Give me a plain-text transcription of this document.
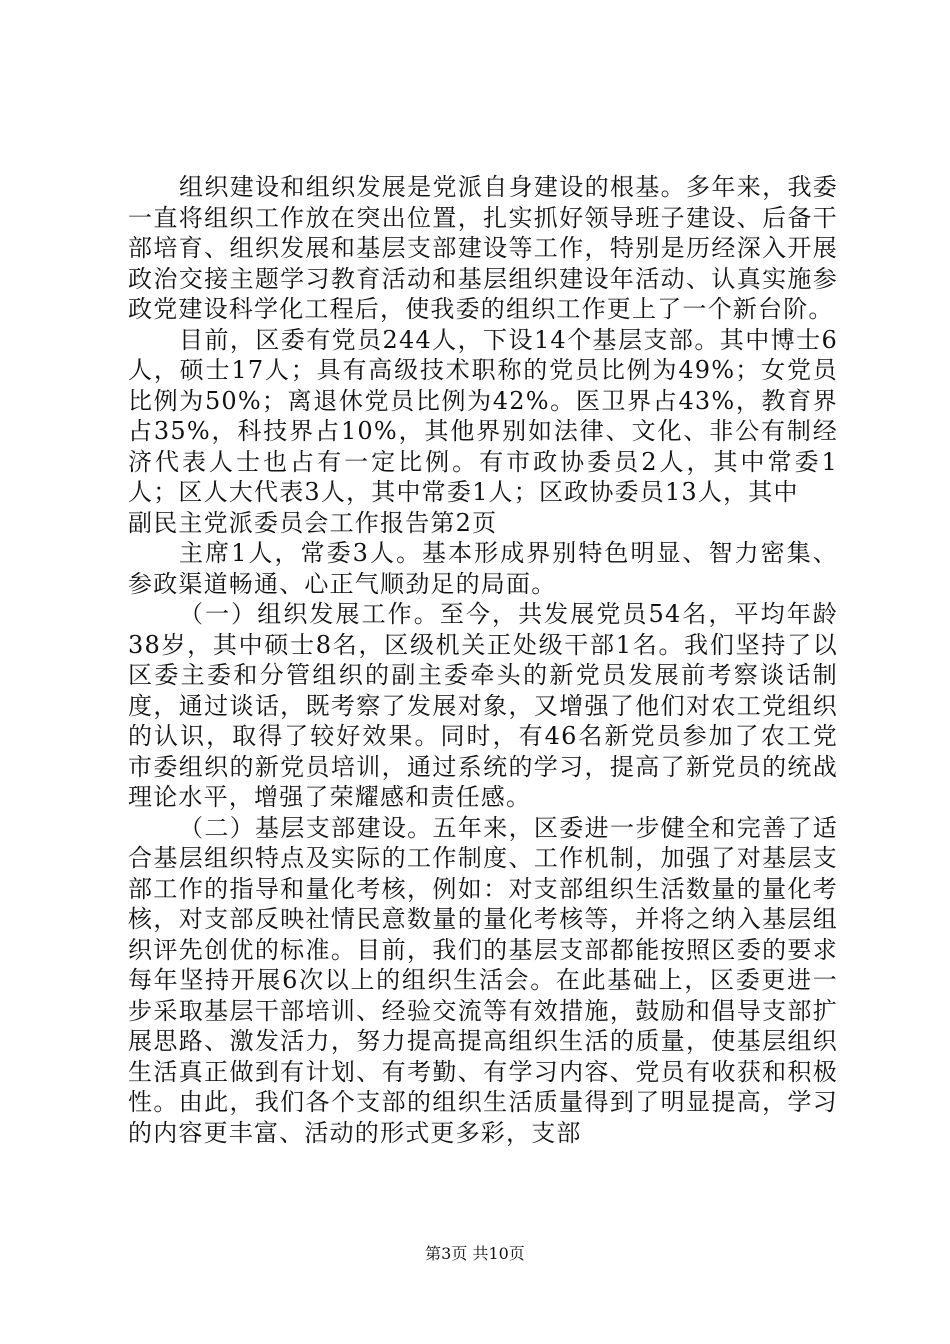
组织建设和组织发展是党派自身建设的根基。多年来，我委一直将组织工作放在突出位置，扎实抓好领导班子建设、后备干部培育、组织发展和基层支部建设等工作，特别是历经深入开展政治交接主题学习教育活动和基层组织建设年活动、认真实施参政党建设科学化工程后，使我委的组织工作更上了一个新台阶。

目前，区委有党员244人，下设14个基层支部。其中博士6人，硕士17人；具有高级技术职称的党员比例为49%；女党员比例为50%；离退休党员比例为42%。医卫界占43%，教育界占35%，科技界占10%，其他界别如法律、文化、非公有制经济代表人士也占有一定比例。有市政协委员2人，其中常委1人；区人大代表3人，其中常委1人；区政协委员13人，其中

副民主党派委员会工作报告第2页

主席1人，常委3人。基本形成界别特色明显、智力密集、参政渠道畅通、心正气顺劲足的局面。

（一）组织发展工作。至今，共发展党员54名，平均年龄38岁，其中硕士8名，区级机关正处级干部1名。我们坚持了以区委主委和分管组织的副主委牵头的新党员发展前考察谈话制度，通过谈话，既考察了发展对象，又增强了他们对农工党组织的认识，取得了较好效果。同时，有46名新党员参加了农工党市委组织的新党员培训，通过系统的学习，提高了新党员的统战理论水平，增强了荣耀感和责任感。

（二）基层支部建设。五年来，区委进一步健全和完善了适合基层组织特点及实际的工作制度、工作机制，加强了对基层支部工作的指导和量化考核，例如：对支部组织生活数量的量化考核，对支部反映社情民意数量的量化考核等，并将之纳入基层组织评先创优的标准。目前，我们的基层支部都能按照区委的要求每年坚持开展6次以上的组织生活会。在此基础上，区委更进一步采取基层干部培训、经验交流等有效措施，鼓励和倡导支部扩展思路、激发活力，努力提高提高组织生活的质量，使基层组织生活真正做到有计划、有考勤、有学习内容、党员有收获和积极性。由此，我们各个支部的组织生活质量得到了明显提高，学习的内容更丰富、活动的形式更多彩，支部

第3页 共10页
